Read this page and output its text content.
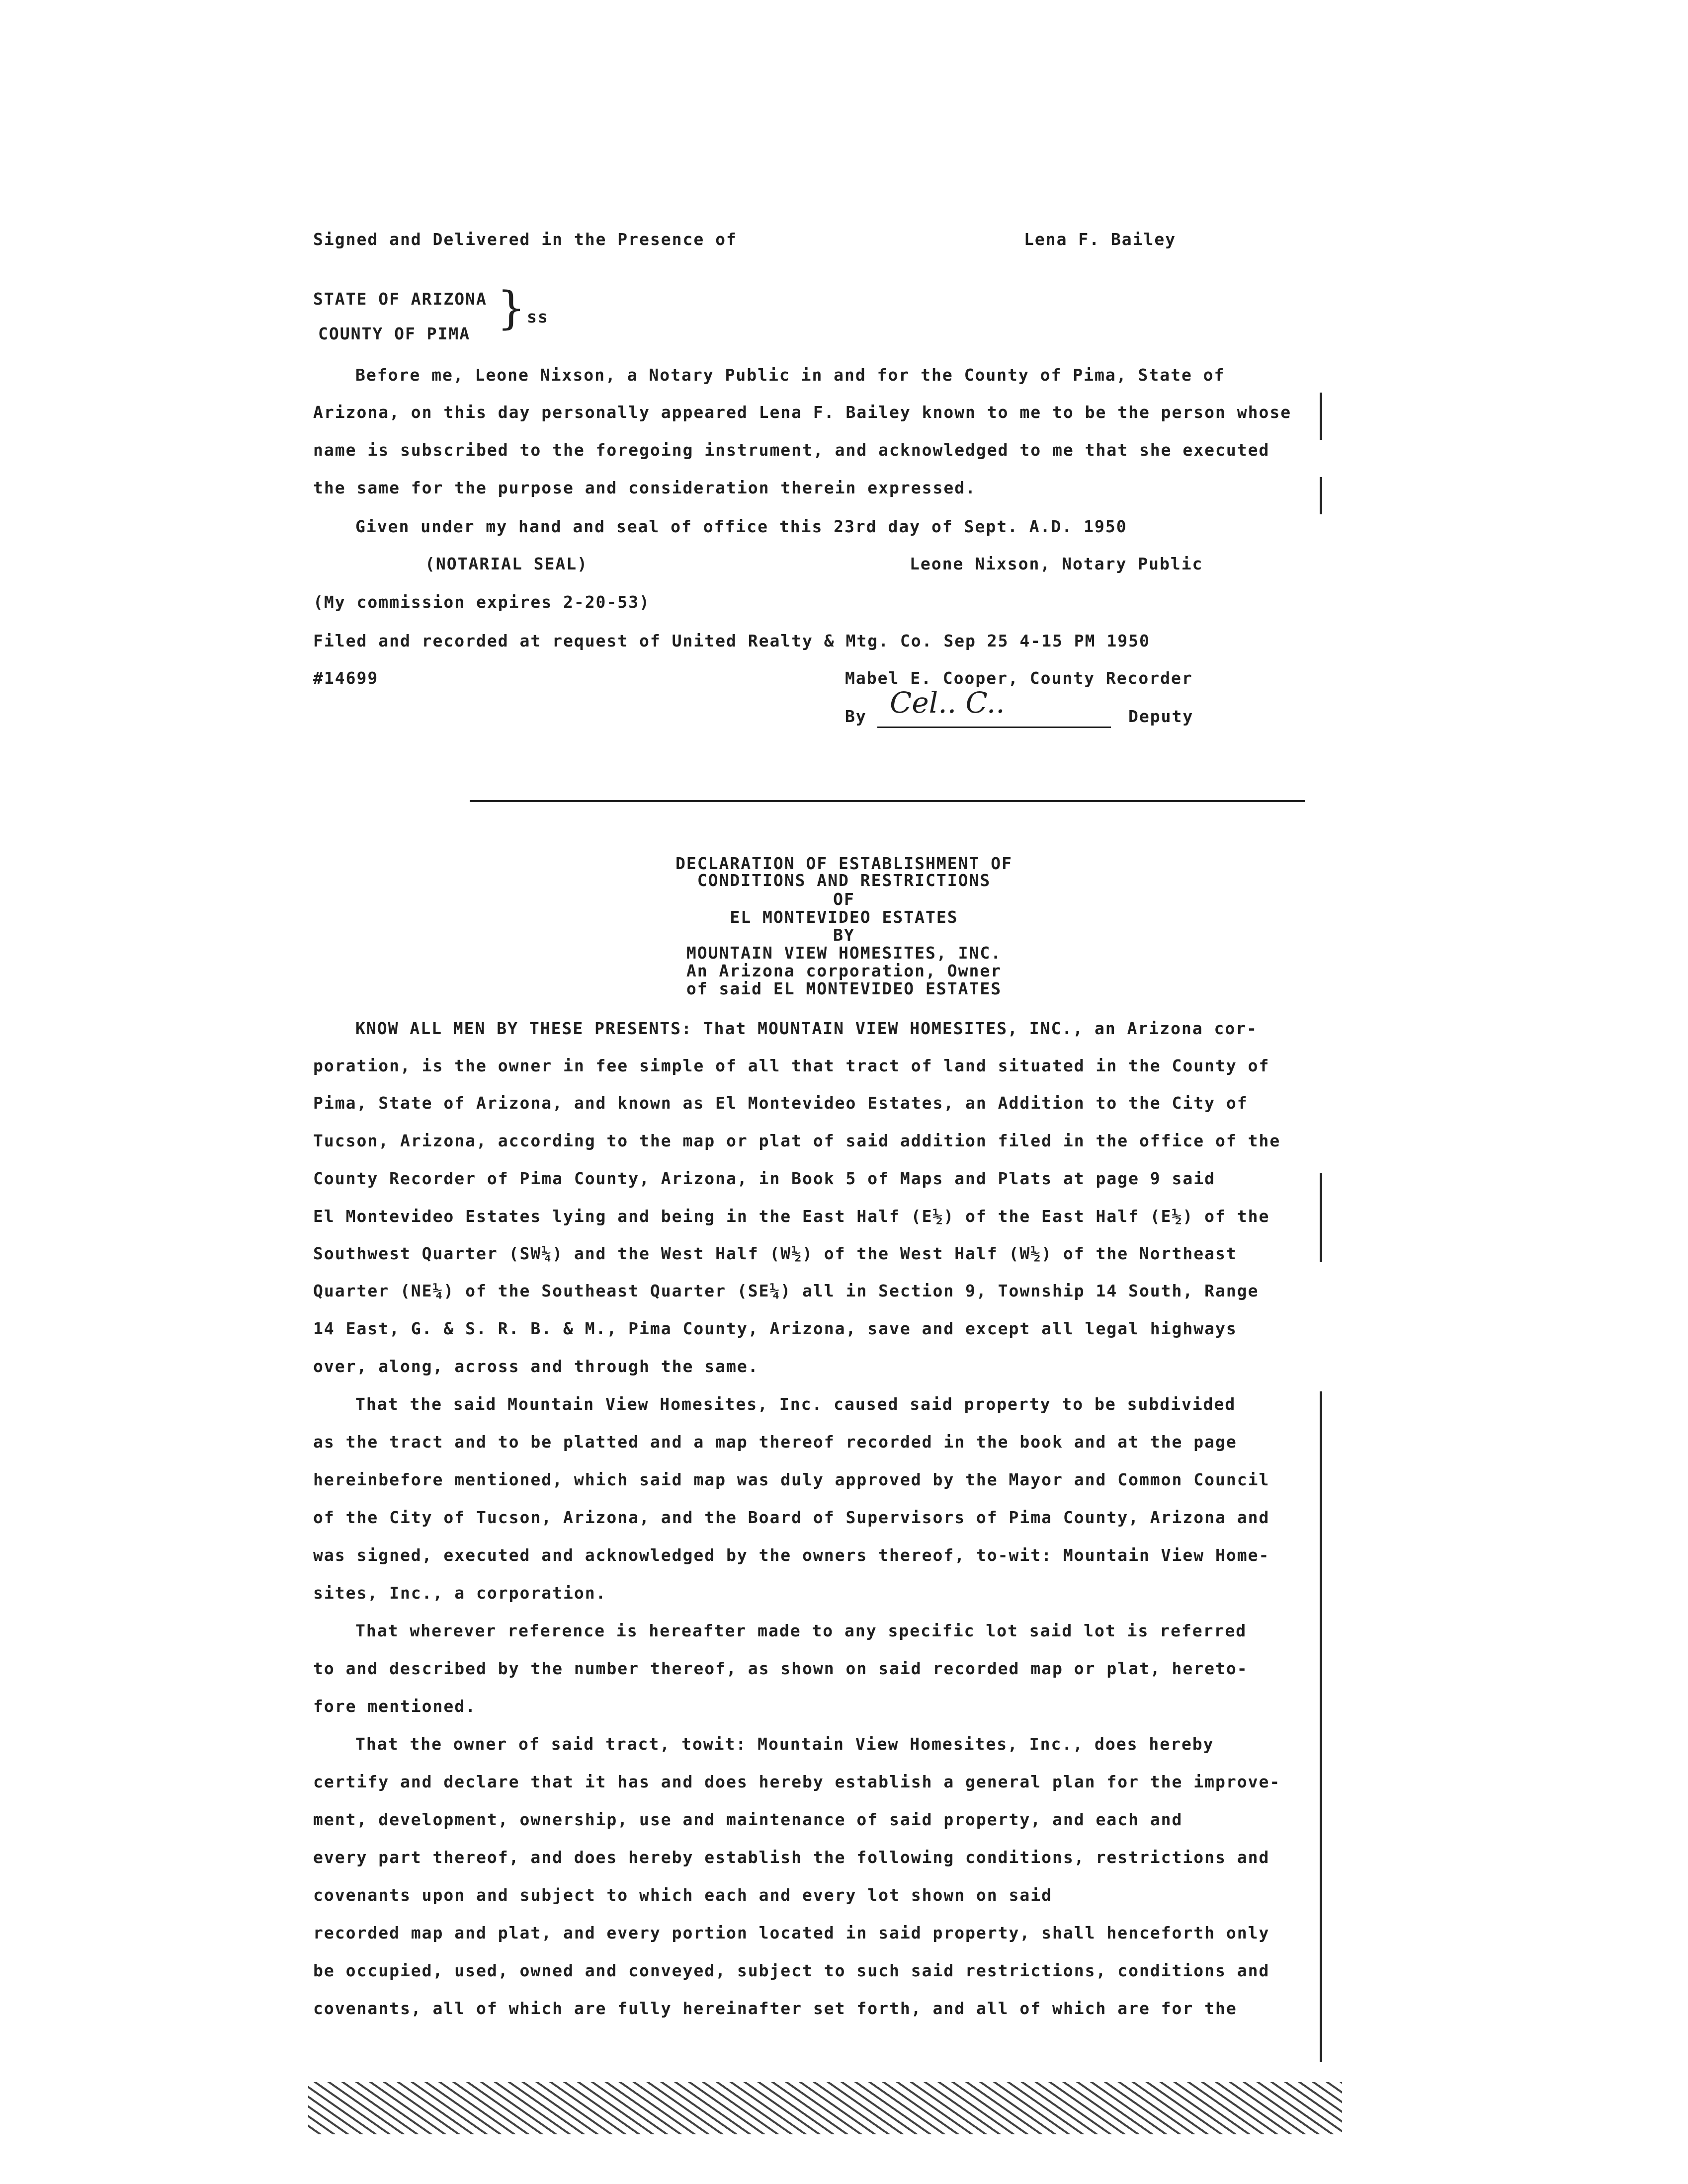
Signed and Delivered in the Presence of	Lena F. Bailey
STATE OF ARIZONA } ss
COUNTY OF PIMA
Before me, Leone Nixson, a Notary Public in and for the County of Pima, State of
Arizona, on this day personally appeared Lena F. Bailey known to me to be the person whose
name is subscribed to the foregoing instrument, and acknowledged to me that she executed
the same for the purpose and consideration therein expressed.
Given under my hand and seal of office this 23rd day of Sept. A.D. 1950
(NOTARIAL SEAL)	Leone Nixson, Notary Public
(My commission expires 2-20-53)
Filed and recorded at request of United Realty & Mtg. Co. Sep 25 4-15 PM 1950
#14699	Mabel E. Cooper, County Recorder
By Cel.. C..	Deputy
DECLARATION OF ESTABLISHMENT OF
CONDITIONS AND RESTRICTIONS
OF
EL MONTEVIDEO ESTATES
BY
MOUNTAIN VIEW HOMESITES, INC.
An Arizona corporation, Owner
of said EL MONTEVIDEO ESTATES
KNOW ALL MEN BY THESE PRESENTS: That MOUNTAIN VIEW HOMESITES, INC., an Arizona cor-
poration, is the owner in fee simple of all that tract of land situated in the County of
Pima, State of Arizona, and known as El Montevideo Estates, an Addition to the City of
Tucson, Arizona, according to the map or plat of said addition filed in the office of the
County Recorder of Pima County, Arizona, in Book 5 of Maps and Plats at page 9 said
El Montevideo Estates lying and being in the East Half (E½) of the East Half (E½) of the
Southwest Quarter (SW¼) and the West Half (W½) of the West Half (W½) of the Northeast
Quarter (NE¼) of the Southeast Quarter (SE¼) all in Section 9, Township 14 South, Range
14 East, G. & S. R. B. & M., Pima County, Arizona, save and except all legal highways
over, along, across and through the same.
That the said Mountain View Homesites, Inc. caused said property to be subdivided
as the tract and to be platted and a map thereof recorded in the book and at the page
hereinbefore mentioned, which said map was duly approved by the Mayor and Common Council
of the City of Tucson, Arizona, and the Board of Supervisors of Pima County, Arizona and
was signed, executed and acknowledged by the owners thereof, to-wit: Mountain View Home-
sites, Inc., a corporation.
That wherever reference is hereafter made to any specific lot said lot is referred
to and described by the number thereof, as shown on said recorded map or plat, hereto-
fore mentioned.
That the owner of said tract, towit: Mountain View Homesites, Inc., does hereby
certify and declare that it has and does hereby establish a general plan for the improve-
ment, development, ownership, use and maintenance of said property, and each and
every part thereof, and does hereby establish the following conditions, restrictions and
covenants upon and subject to which each and every lot shown on said
recorded map and plat, and every portion located in said property, shall henceforth only
be occupied, used, owned and conveyed, subject to such said restrictions, conditions and
covenants, all of which are fully hereinafter set forth, and all of which are for the
